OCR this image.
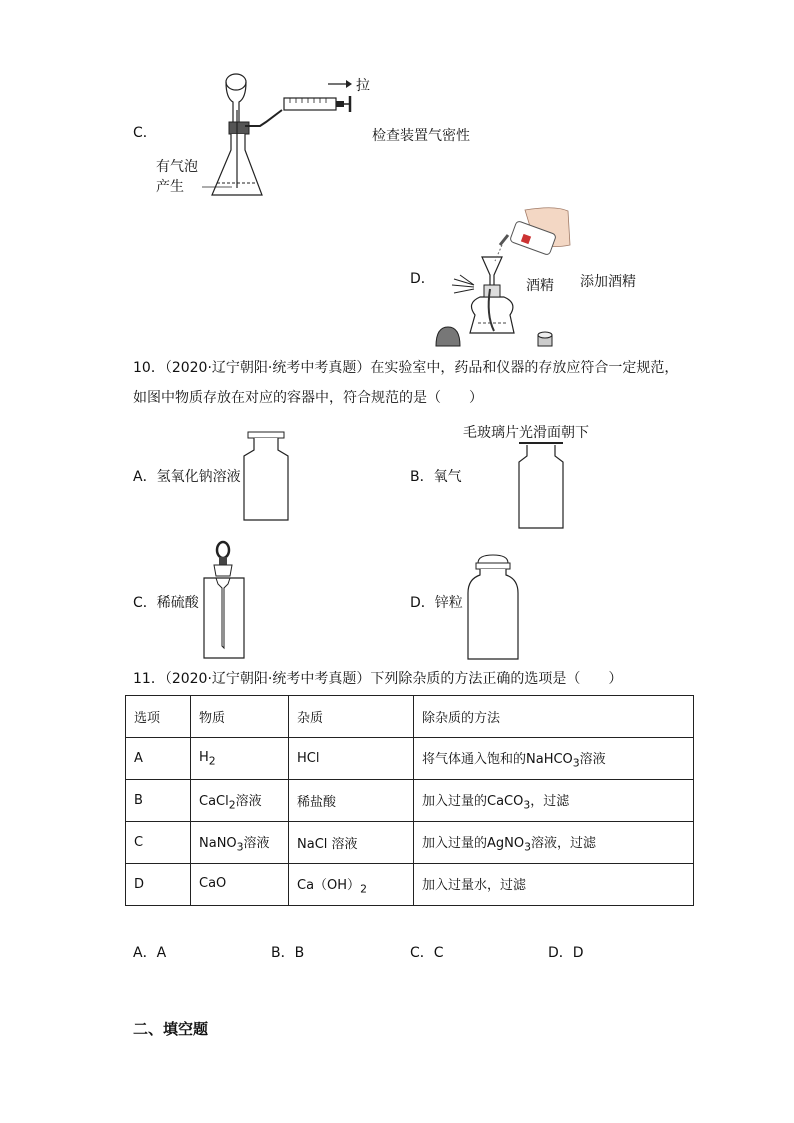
C．
拉
有气泡
产生
检查装置气密性
D．	酒精 添加酒精
10．（2020·辽宁朝阳·统考中考真题）在实验室中，药品和仪器的存放应符合一定规范，
如图中物质存放在对应的容器中，符合规范的是（　　）
A．氢氧化钠溶液
毛玻璃片光滑面朝下
B．氧气
C．稀硫酸	D．锌粒
11．（2020·辽宁朝阳·统考中考真题）下列除杂质的方法正确的选项是（　　）
选项	物质	杂质	除杂质的方法
A	$H_2$	HCl	将气体通入饱和的NaHCO$_3$溶液
B	CaCl$_2$溶液	稀盐酸	加入过量的CaCO$_3$，过滤
C	NaNO$_3$溶液	NaCl 溶液	加入过量的AgNO$_3$溶液，过滤
D	CaO	$Ca(OH)_2$	加入过量水，过滤
A．A	B．B	C．C	D．D
二、填空题
